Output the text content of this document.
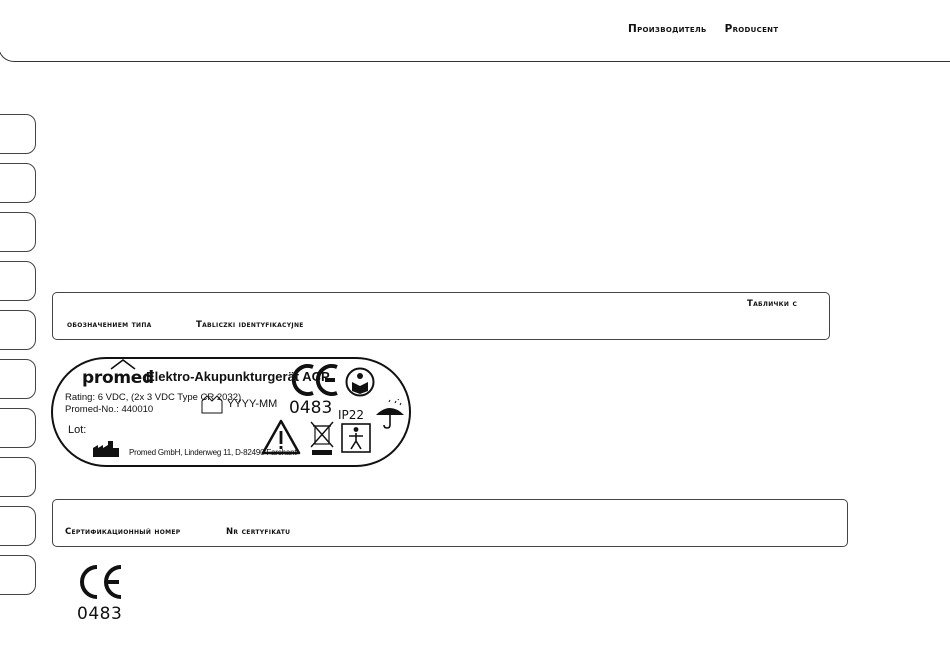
Производитель Producent
Таблички с
обозначением типа	Tabliczki identyfikacyjne
promed
Elektro-Akupunkturgerät ACP
Rating: 6 VDC, (2x 3 VDC Type CR 2032)
Promed-No.: 440010
Lot:
YYYY-MM 0483 IP22
Promed GmbH, Lindenweg 11, D-82490 Farchant
Сертификационный номер	Nr certyfikatu
0483
